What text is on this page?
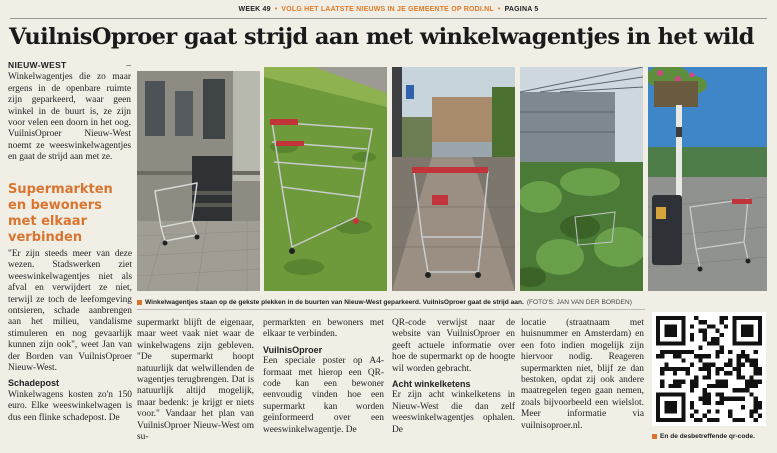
WEEK 49 • VOLG HET LAATSTE NIEUWS IN JE GEMEENTE OP RODI.NL • PAGINA 5
VuilnisOproer gaat strijd aan met winkelwagentjes in het wild
NIEUW-WEST	– Winkelwagentjes die zo maar ergens in de openbare ruimte zijn geparkeerd, waar geen winkel in de buurt is, ze zijn voor velen een doorn in het oog. VuilnisOproer Nieuw-West noemt ze weeswinkelwagentjes en gaat de strijd aan met ze.
Supermarkten en bewoners met elkaar verbinden

"Er zijn steeds meer van deze wezen. Stadswerken ziet weeswinkelwagentjes niet als afval en verwijdert ze niet, terwijl ze toch de leefomgeving ontsieren, schade aanbrengen aan het milieu, vandalisme stimuleren en nog gevaarlijk kunnen zijn ook", weet Jan van der Borden van VuilnisOproer Nieuw-West.

Schadepost

Winkelwagens kosten zo'n 150 euro. Elke weeswinkelwagen is dus een flinke schadepost. De

Winkelwagentjes staan op de gekste plekken in de buurten van Nieuw-West geparkeerd. VuilnisOproer gaat de strijd aan. (FOTO'S: JAN VAN DER BORDEN)

supermarkt blijft de eigenaar, maar weet vaak niet waar de winkelwagens zijn gebleven. "De supermarkt hoopt natuurlijk dat welwillenden de wagentjes terugbrengen. Dat is natuurlijk altijd mogelijk, maar bedenk: je krijgt er niets voor." Vandaar het plan van VuilnisOproer Nieuw-West om su-

permarkten en bewoners met elkaar te verbinden.

VuilnisOproer

Een speciale poster op A4-formaat met hierop een QR-code kan een bewoner eenvoudig vinden hoe een supermarkt kan worden geïnformeerd over een weeswinkelwagentje. De

QR-code verwijst naar de website van VuilnisOproer en geeft actuele informatie over hoe de supermarkt op de hoogte wil worden gebracht.

Acht winkelketens

Er zijn acht winkelketens in Nieuw-West die dan zelf weeswinkelwagentjes ophalen. De

locatie (straatnaam met huisnummer en Amsterdam) en een foto indien mogelijk zijn hiervoor nodig. Reageren supermarkten niet, blijf ze dan bestoken, opdat zij ook andere maatregelen tegen gaan nemen, zoals bijvoorbeeld een wielslot. Meer informatie via vuilnisoproer.nl.

En de desbetreffende qr-code.
